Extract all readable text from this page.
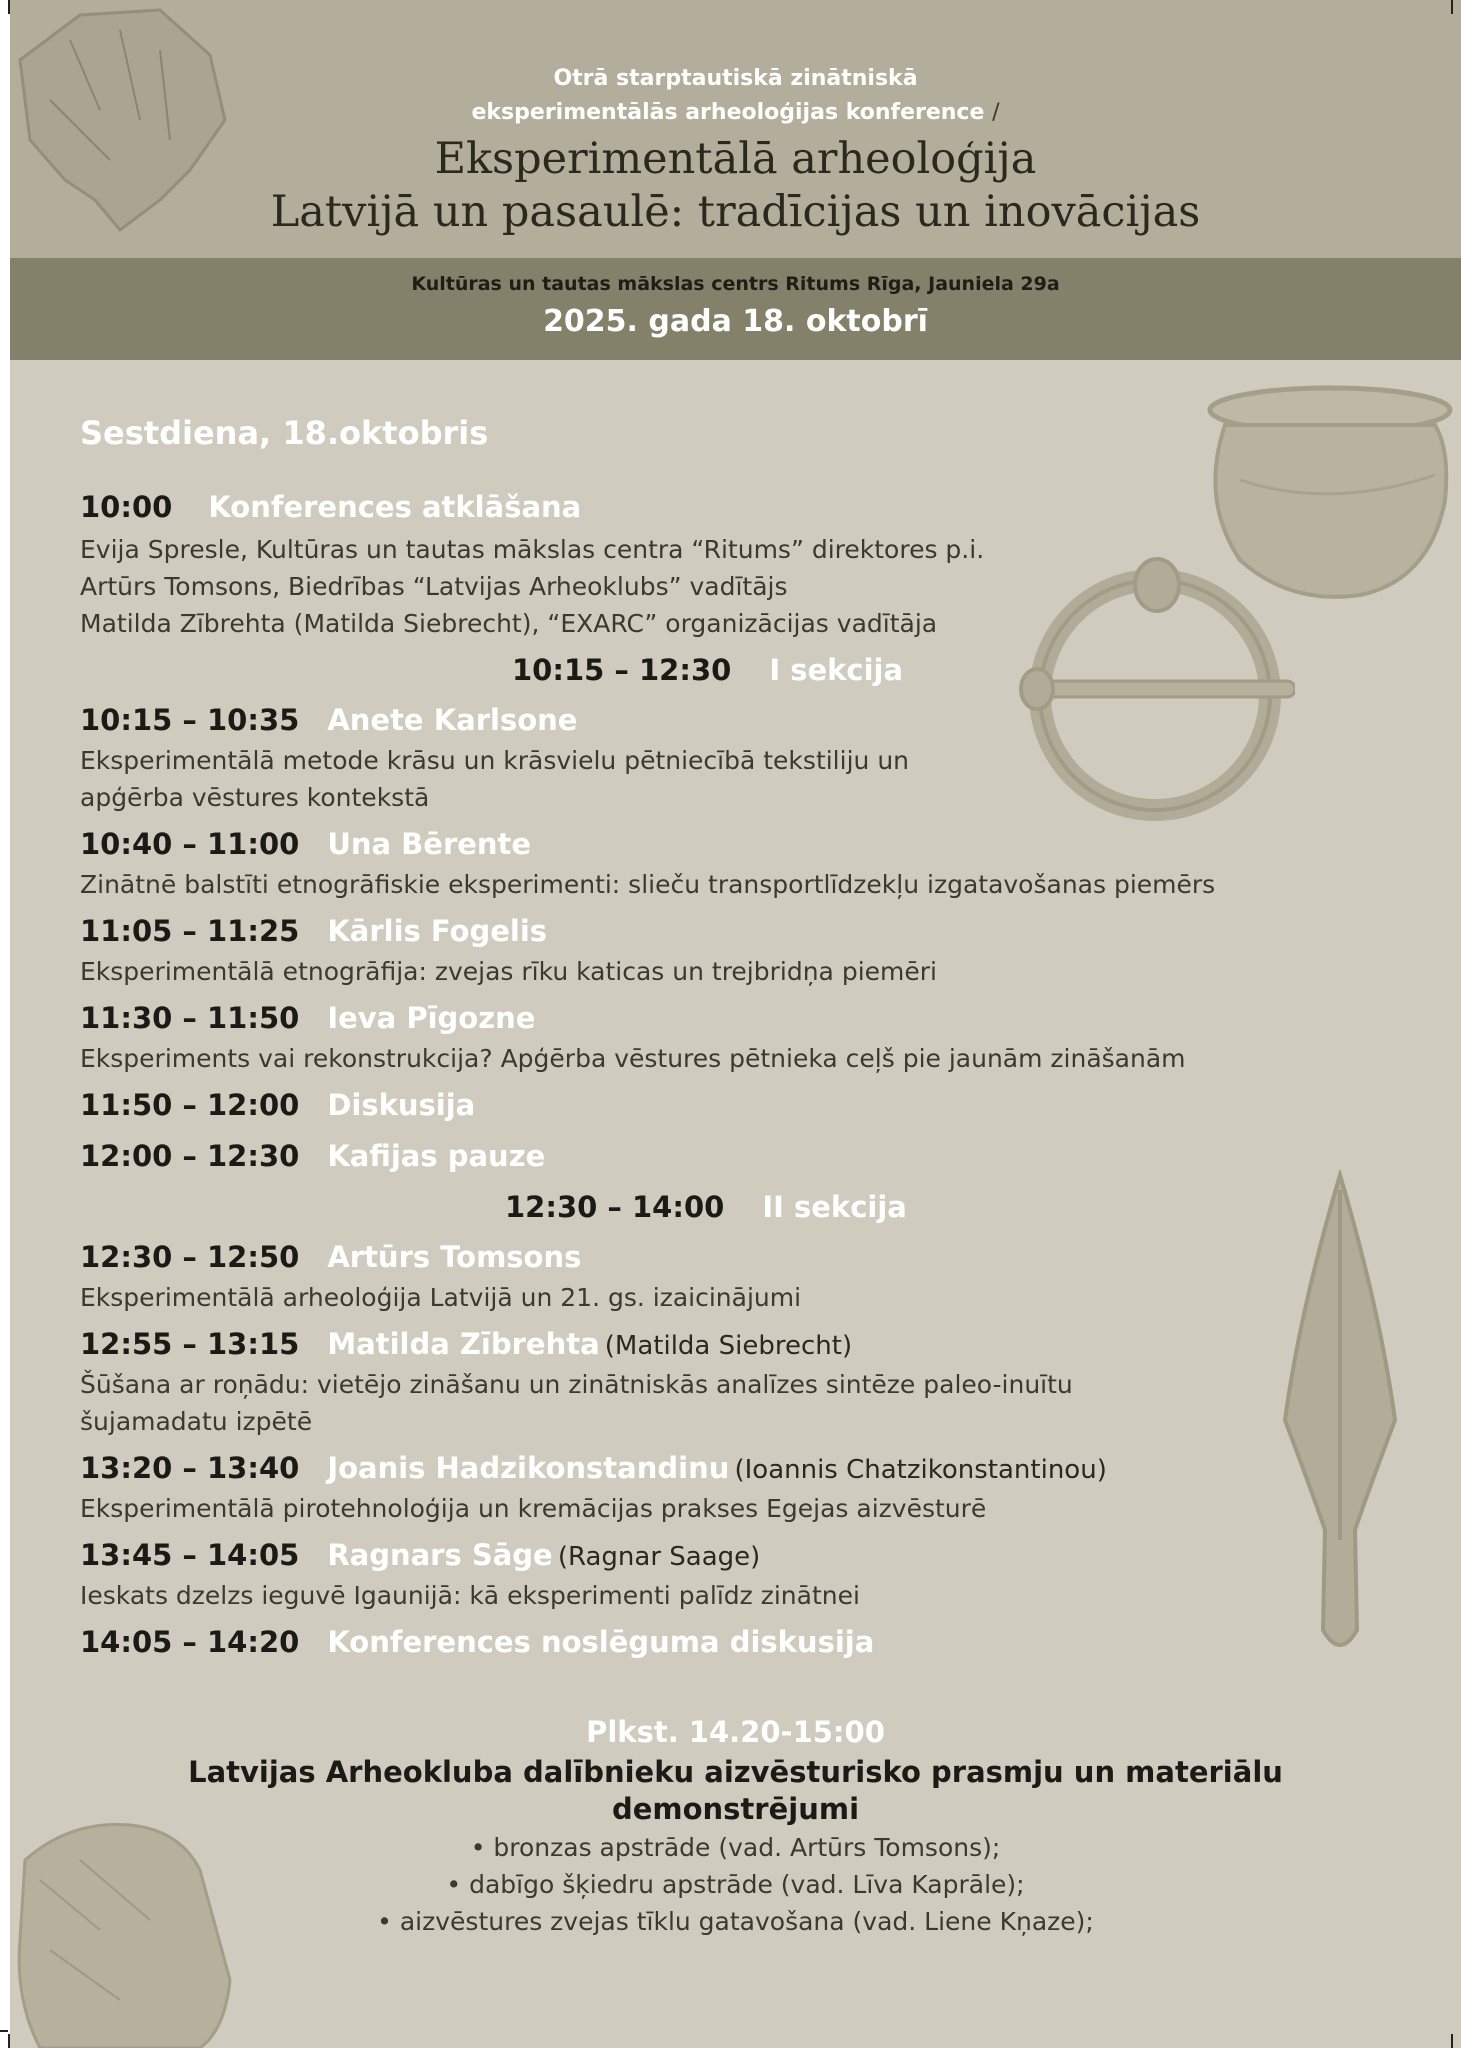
Otrā starptautiskā zinātniskā
eksperimentālās arheoloģijas konference /
Eksperimentālā arheoloģija
Latvijā un pasaulē: tradīcijas un inovācijas
Kultūras un tautas mākslas centrs Ritums Rīga, Jauniela 29a
2025. gada 18. oktobrī
Sestdiena, 18.oktobris
10:00 Konferences atklāšana
Evija Spresle, Kultūras un tautas mākslas centra “Ritums” direktores p.i.
Artūrs Tomsons, Biedrības “Latvijas Arheoklubs” vadītājs
Matilda Zībrehta (Matilda Siebrecht), “EXARC” organizācijas vadītāja
10:15 – 12:30 I sekcija
10:15 – 10:35 Anete Karlsone
Eksperimentālā metode krāsu un krāsvielu pētniecībā tekstiliju un
apģērba vēstures kontekstā
10:40 – 11:00 Una Bērente
Zinātnē balstīti etnogrāfiskie eksperimenti: slieču transportlīdzekļu izgatavošanas piemērs
11:05 – 11:25 Kārlis Fogelis
Eksperimentālā etnogrāfija: zvejas rīku katicas un trejbridņa piemēri
11:30 – 11:50 Ieva Pīgozne
Eksperiments vai rekonstrukcija? Apģērba vēstures pētnieka ceļš pie jaunām zināšanām
11:50 – 12:00 Diskusija
12:00 – 12:30 Kafijas pauze
12:30 – 14:00 II sekcija
12:30 – 12:50 Artūrs Tomsons
Eksperimentālā arheoloģija Latvijā un 21. gs. izaicinājumi
12:55 – 13:15 Matilda Zībrehta (Matilda Siebrecht)
Šūšana ar roņādu: vietējo zināšanu un zinātniskās analīzes sintēze paleo-inuītu
šujamadatu izpētē
13:20 – 13:40 Joanis Hadzikonstandinu (Ioannis Chatzikonstantinou)
Eksperimentālā pirotehnoloģija un kremācijas prakses Egejas aizvēsturē
13:45 – 14:05 Ragnars Sāge (Ragnar Saage)
Ieskats dzelzs ieguvē Igaunijā: kā eksperimenti palīdz zinātnei
14:05 – 14:20 Konferences noslēguma diskusija
Plkst. 14.20-15:00
Latvijas Arheokluba dalībnieku aizvēsturisko prasmju un materiālu
demonstrējumi
• bronzas apstrāde (vad. Artūrs Tomsons);
• dabīgo šķiedru apstrāde (vad. Līva Kaprāle);
• aizvēstures zvejas tīklu gatavošana (vad. Liene Kņaze);
